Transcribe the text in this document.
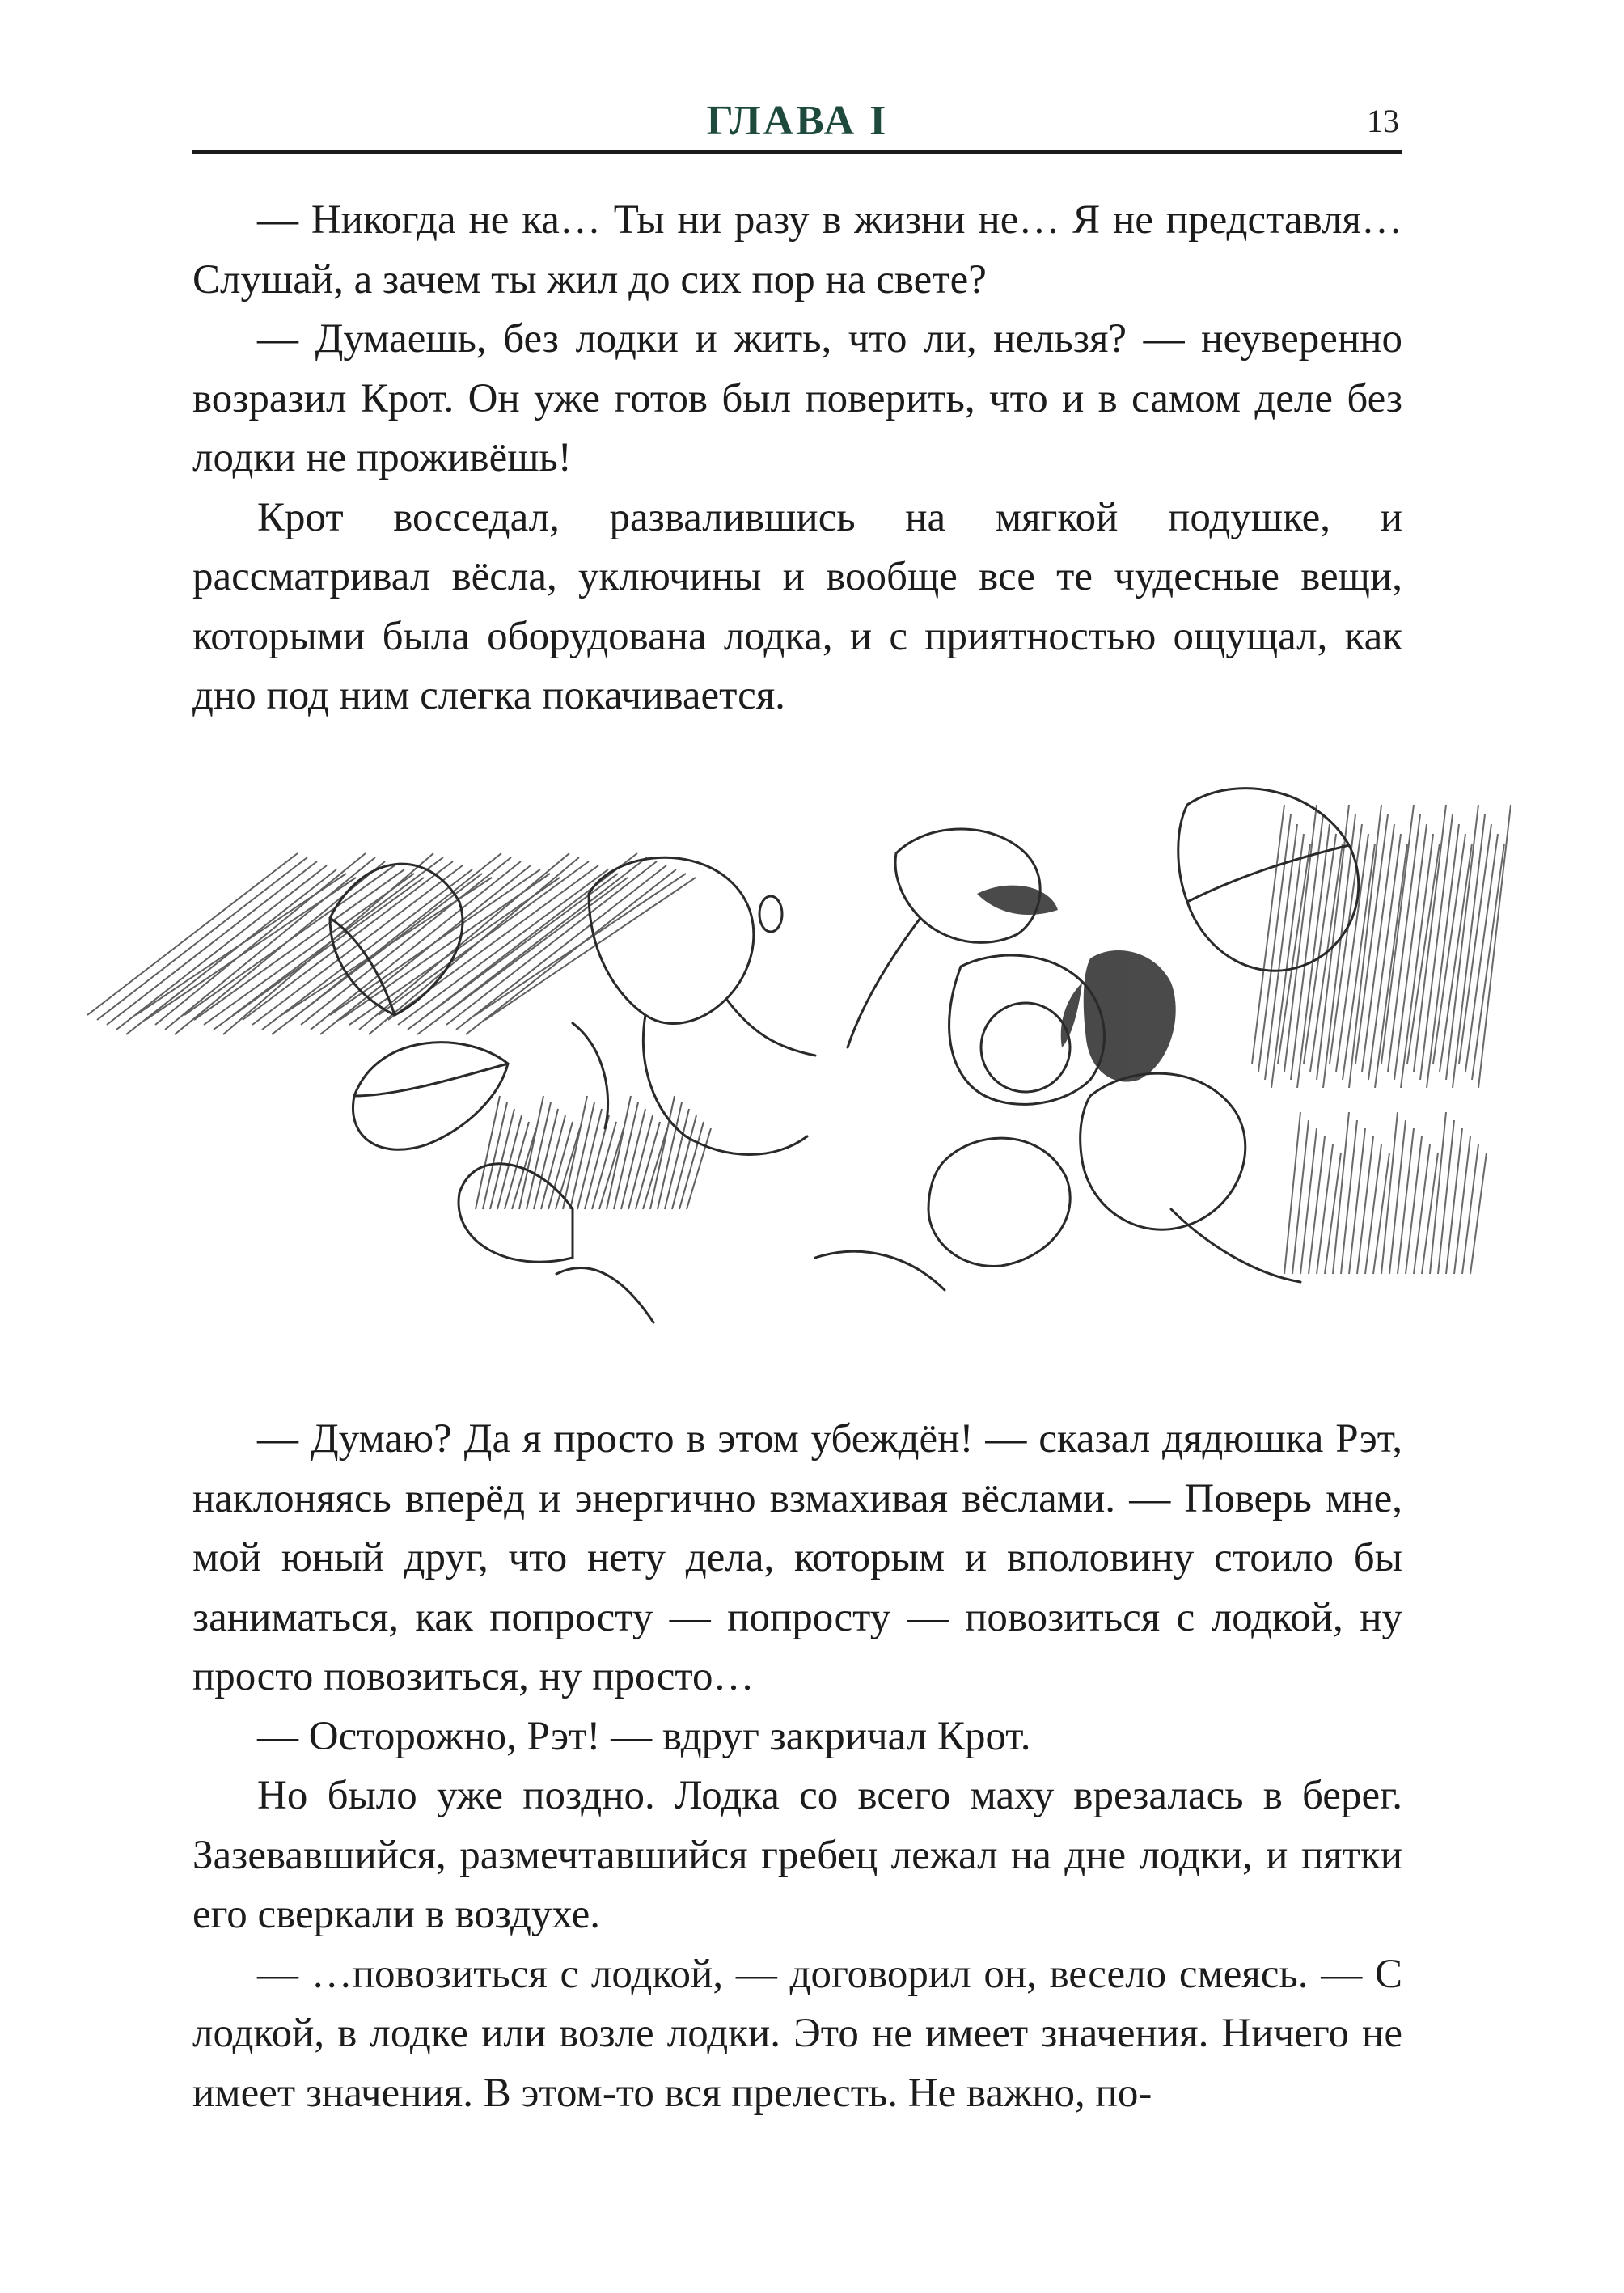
ГЛАВА I	13

— Никогда не ка… Ты ни разу в жизни не… Я не представля… Слушай, а зачем ты жил до сих пор на свете?

— Думаешь, без лодки и жить, что ли, нельзя? — неуверенно возразил Крот. Он уже готов был поверить, что и в самом деле без лодки не проживёшь!

Крот восседал, развалившись на мягкой подушке, и рассматривал вёсла, уключины и вообще все те чудесные вещи, которыми была оборудована лодка, и с приятностью ощущал, как дно под ним слегка покачивается.

— Думаю? Да я просто в этом убеждён! — сказал дядюшка Рэт, наклоняясь вперёд и энергично взмахивая вёслами. — Поверь мне, мой юный друг, что нету дела, которым и вполовину стоило бы заниматься, как попросту — попросту — повозиться с лодкой, ну просто повозиться, ну просто…

— Осторожно, Рэт! — вдруг закричал Крот.

Но было уже поздно. Лодка со всего маху врезалась в берег. Зазевавшийся, размечтавшийся гребец лежал на дне лодки, и пятки его сверкали в воздухе.

— …повозиться с лодкой, — договорил он, весело смеясь. — С лодкой, в лодке или возле лодки. Это не имеет значения. Ничего не имеет значения. В этом-то вся прелесть. Не важно, по-
